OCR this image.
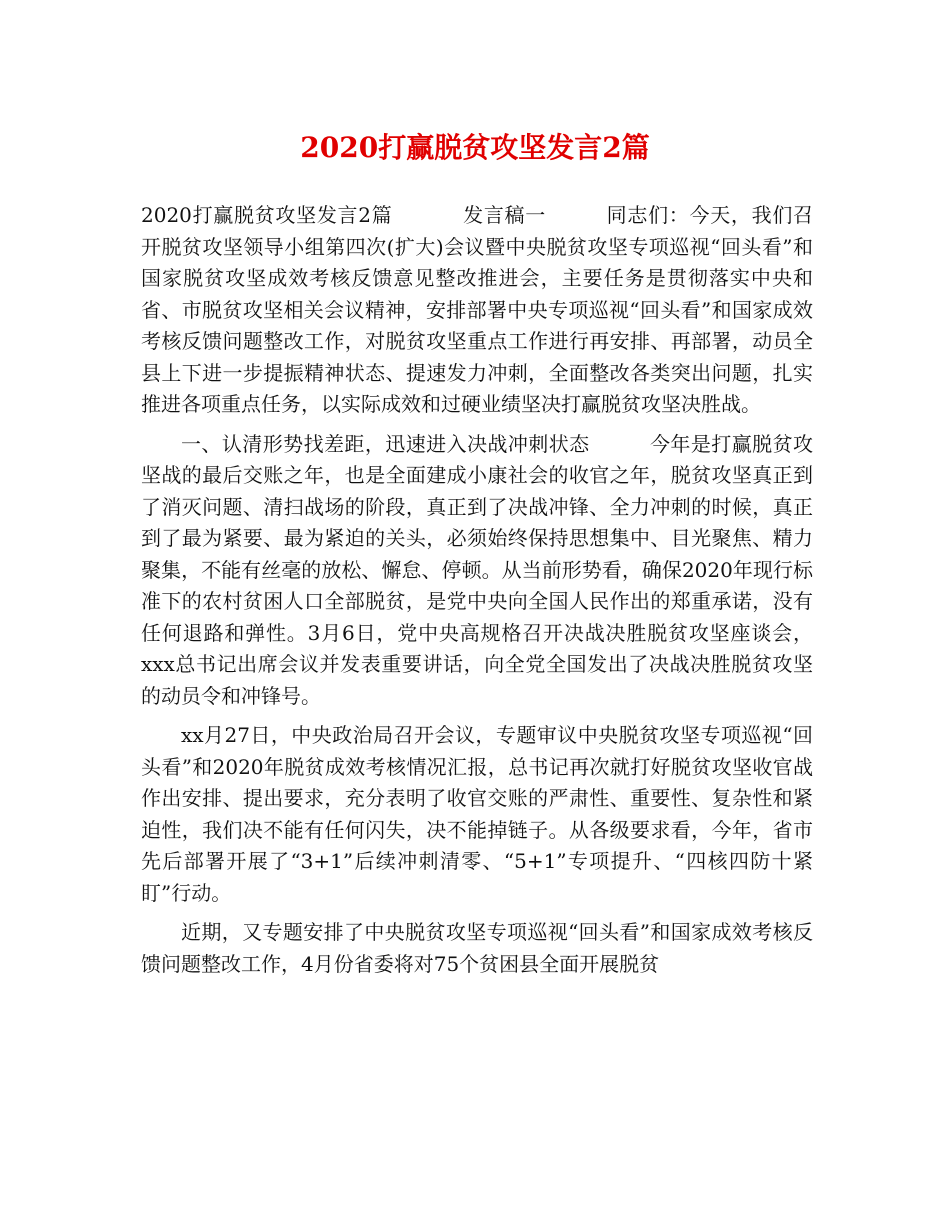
2020打赢脱贫攻坚发言2篇

2020打赢脱贫攻坚发言2篇	发言稿一	同志们：今天，我们召开脱贫攻坚领导小组第四次(扩大)会议暨中央脱贫攻坚专项巡视“回头看”和国家脱贫攻坚成效考核反馈意见整改推进会，主要任务是贯彻落实中央和省、市脱贫攻坚相关会议精神，安排部署中央专项巡视“回头看”和国家成效考核反馈问题整改工作，对脱贫攻坚重点工作进行再安排、再部署，动员全县上下进一步提振精神状态、提速发力冲刺，全面整改各类突出问题，扎实推进各项重点任务，以实际成效和过硬业绩坚决打赢脱贫攻坚决胜战。

一、认清形势找差距，迅速进入决战冲刺状态	今年是打赢脱贫攻坚战的最后交账之年，也是全面建成小康社会的收官之年，脱贫攻坚真正到了消灭问题、清扫战场的阶段，真正到了决战冲锋、全力冲刺的时候，真正到了最为紧要、最为紧迫的关头，必须始终保持思想集中、目光聚焦、精力聚集，不能有丝毫的放松、懈怠、停顿。从当前形势看，确保2020年现行标准下的农村贫困人口全部脱贫，是党中央向全国人民作出的郑重承诺，没有任何退路和弹性。3月6日，党中央高规格召开决战决胜脱贫攻坚座谈会，xxx总书记出席会议并发表重要讲话，向全党全国发出了决战决胜脱贫攻坚的动员令和冲锋号。

xx月27日，中央政治局召开会议，专题审议中央脱贫攻坚专项巡视“回头看”和2020年脱贫成效考核情况汇报，总书记再次就打好脱贫攻坚收官战作出安排、提出要求，充分表明了收官交账的严肃性、重要性、复杂性和紧迫性，我们决不能有任何闪失，决不能掉链子。从各级要求看，今年，省市先后部署开展了“3+1”后续冲刺清零、“5+1”专项提升、“四核四防十紧盯”行动。

近期，又专题安排了中央脱贫攻坚专项巡视“回头看”和国家成效考核反馈问题整改工作，4月份省委将对75个贫困县全面开展脱贫
